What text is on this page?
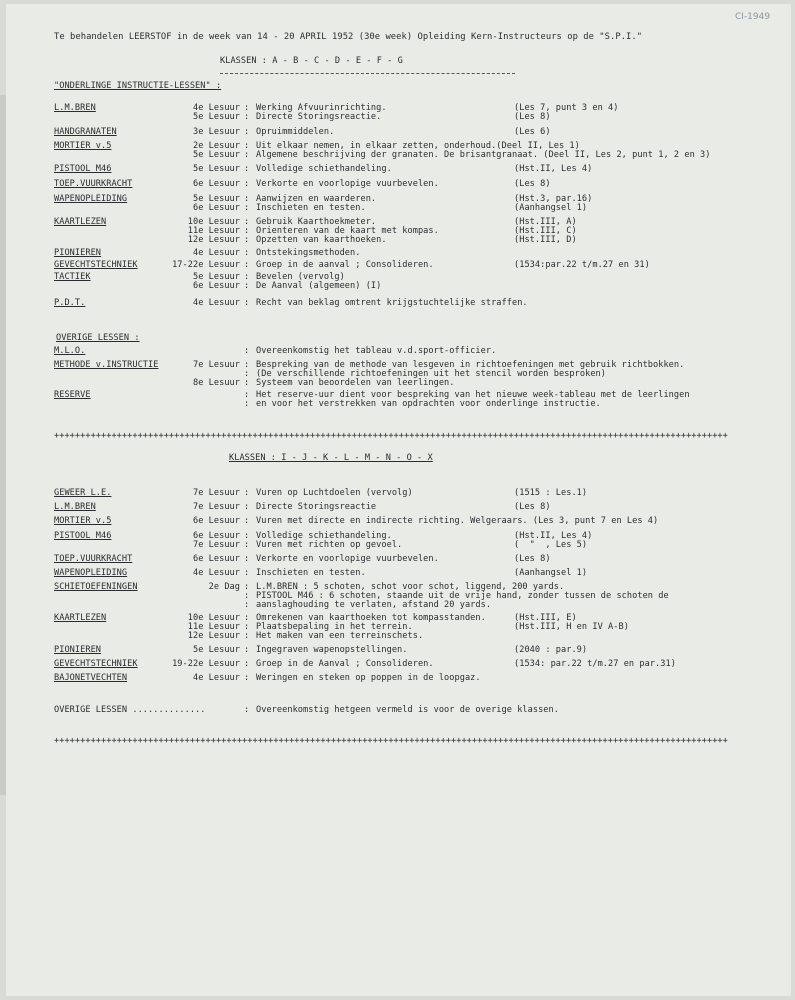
CI-1949
Te behandelen LEERSTOF in de week van 14 - 20 APRIL 1952 (30e week) Opleiding Kern-Instructeurs op de "S.P.I."
KLASSEN : A - B - C - D - E - F - G
"ONDERLINGE INSTRUCTIE-LESSEN" :
L.M.BREN	4e Lesuur : Werking Afvuurinrichting.	(Les 7, punt 3 en 4)
5e Lesuur : Directe Storingsreactie.	(Les 8)
HANDGRANATEN	3e Lesuur : Opruimmiddelen.	(Les 6)
MORTIER v.5	2e Lesuur : Uit elkaar nemen, in elkaar zetten, onderhoud.(Deel II, Les 1)
5e Lesuur : Algemene beschrijving der granaten. De brisantgranaat. (Deel II, Les 2, punt 1, 2 en 3)
PISTOOL M46	5e Lesuur : Volledige schiethandeling.	(Hst.II, Les 4)
TOEP.VUURKRACHT	6e Lesuur : Verkorte en voorlopige vuurbevelen.	(Les 8)
WAPENOPLEIDING	5e Lesuur : Aanwijzen en waarderen.	(Hst.3, par.16)
6e Lesuur : Inschieten en testen.	(Aanhangsel 1)
KAARTLEZEN	10e Lesuur : Gebruik Kaarthoekmeter.	(Hst.III, A)
11e Lesuur : Orienteren van de kaart met kompas.	(Hst.III, C)
12e Lesuur : Opzetten van kaarthoeken.	(Hst.III, D)
PIONIEREN	4e Lesuur : Ontstekingsmethoden.
GEVECHTSTECHNIEK	17-22e Lesuur : Groep in de aanval ; Consolideren.	(1534:par.22 t/m.27 en 31)
TACTIEK	5e Lesuur : Bevelen (vervolg)
6e Lesuur : De Aanval (algemeen) (I)
P.D.T.	4e Lesuur : Recht van beklag omtrent krijgstuchtelijke straffen.
OVERIGE LESSEN :
M.L.O.	: Overeenkomstig het tableau v.d.sport-officier.
METHODE v.INSTRUCTIE	7e Lesuur : Bespreking van de methode van lesgeven in richtoefeningen met gebruik richtbokken.
: (De verschillende richtoefeningen uit het stencil worden besproken)
8e Lesuur : Systeem van beoordelen van leerlingen.
RESERVE	: Het reserve-uur dient voor bespreking van het nieuwe week-tableau met de leerlingen
: en voor het verstrekken van opdrachten voor onderlinge instructie.
+++++++++++++++++++++++++++++++++++++++++++++++++++++++++++++++++++++++++++++++++++++++++++++++++++++++++++++++++++++++++++++++++
KLASSEN : I - J - K - L - M - N - O - X
GEWEER L.E.	7e Lesuur : Vuren op Luchtdoelen (vervolg)	(1515 : Les.1)
L.M.BREN	7e Lesuur : Directe Storingsreactie	(Les 8)
MORTIER v.5	6e Lesuur : Vuren met directe en indirecte richting. Welgeraars. (Les 3, punt 7 en Les 4)
PISTOOL M46	6e Lesuur : Volledige schiethandeling.	(Hst.II, Les 4)
7e Lesuur : Vuren met richten op gevoel.	(  "  , Les 5)
TOEP.VUURKRACHT	6e Lesuur : Verkorte en voorlopige vuurbevelen.	(Les 8)
WAPENOPLEIDING	4e Lesuur : Inschieten en testen.	(Aanhangsel 1)
SCHIETOEFENINGEN	2e Dag : L.M.BREN : 5 schoten, schot voor schot, liggend, 200 yards.
: PISTOOL M46 : 6 schoten, staande uit de vrije hand, zonder tussen de schoten de
: aanslaghouding te verlaten, afstand 20 yards.
KAARTLEZEN	10e Lesuur : Omrekenen van kaarthoeken tot kompasstanden.	(Hst.III, E)
11e Lesuur : Plaatsbepaling in het terrein.	(Hst.III, H en IV A-B)
12e Lesuur : Het maken van een terreinschets.
PIONIEREN	5e Lesuur : Ingegraven wapenopstellingen.	(2040 : par.9)
GEVECHTSTECHNIEK	19-22e Lesuur : Groep in de Aanval ; Consolideren.	(1534: par.22 t/m.27 en par.31)
BAJONETVECHTEN	4e Lesuur : Weringen en steken op poppen in de loopgaz.
OVERIGE LESSEN ..............	: Overeenkomstig hetgeen vermeld is voor de overige klassen.
+++++++++++++++++++++++++++++++++++++++++++++++++++++++++++++++++++++++++++++++++++++++++++++++++++++++++++++++++++++++++++++++++
